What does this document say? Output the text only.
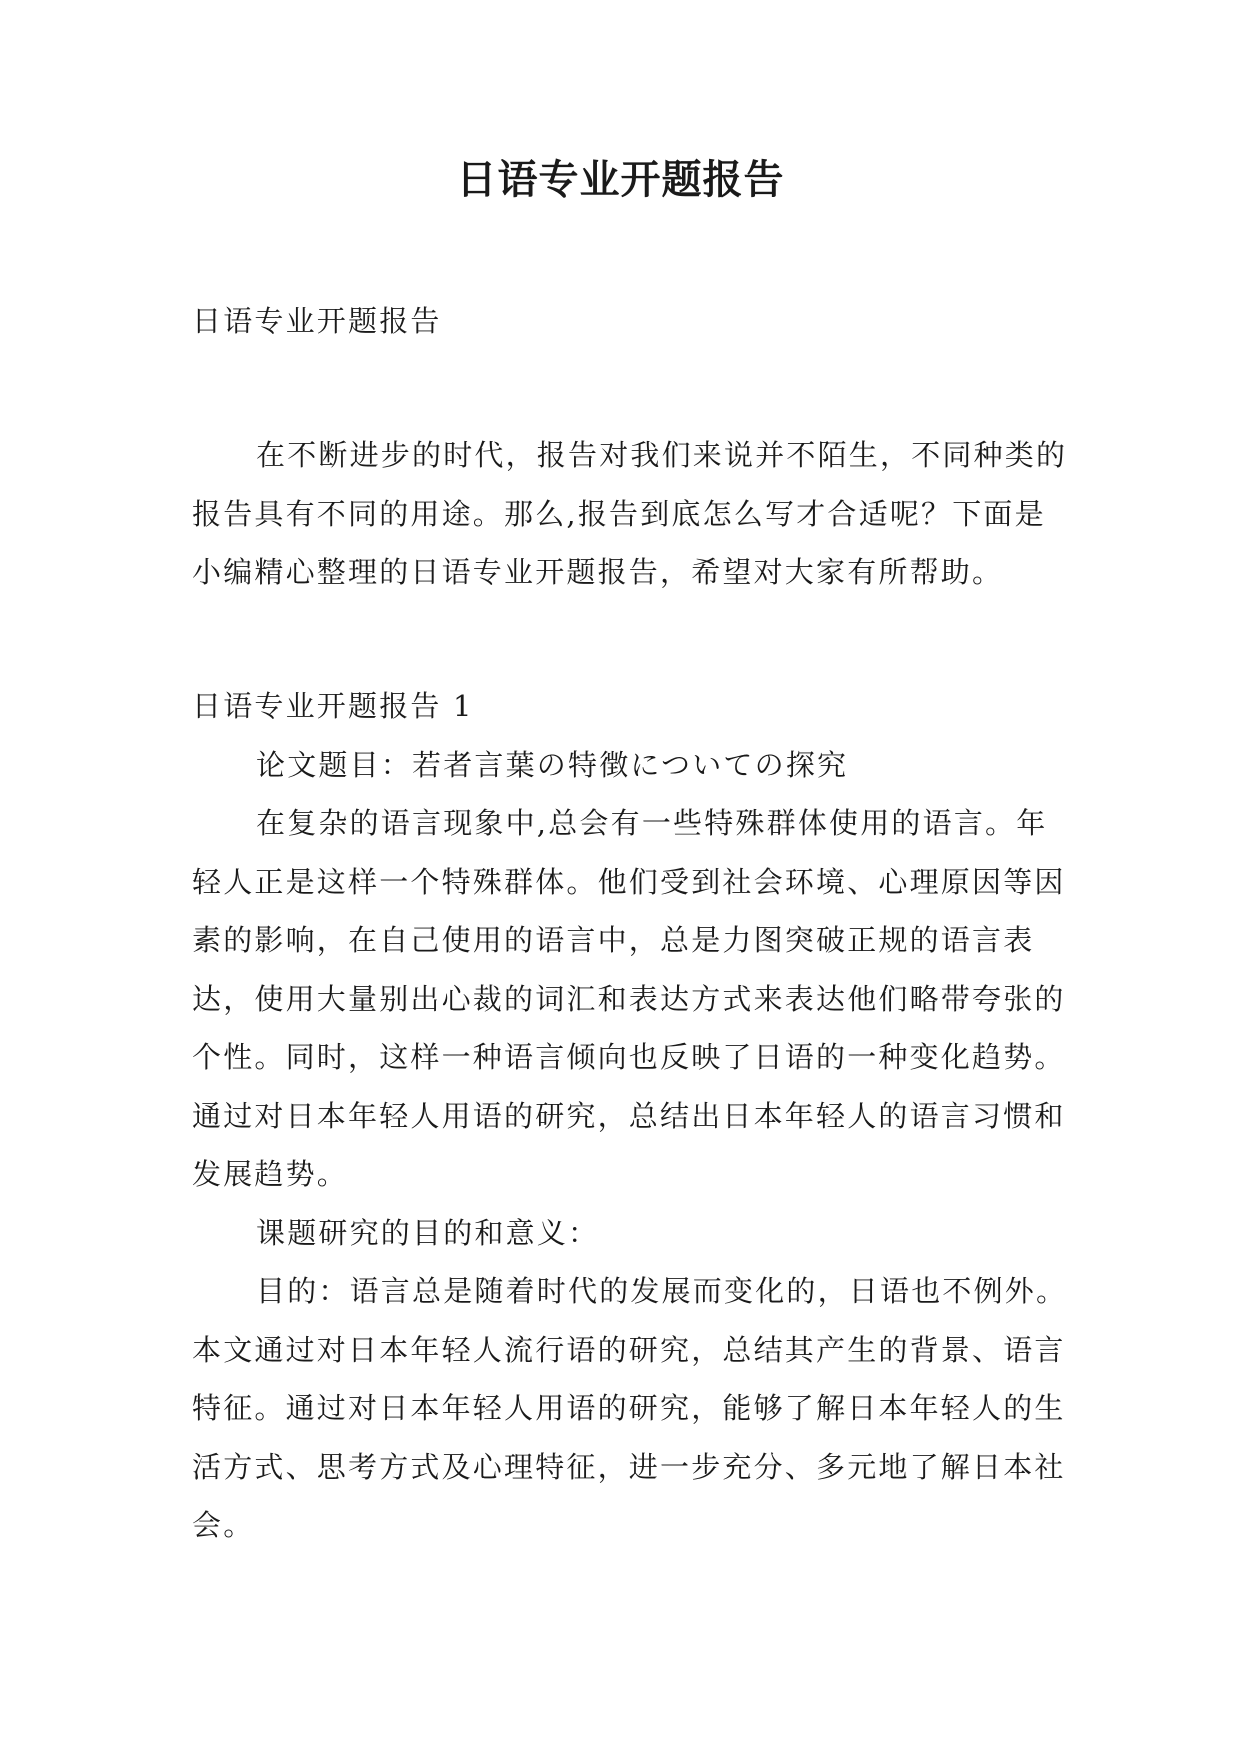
日语专业开题报告

日语专业开题报告

在不断进步的时代，报告对我们来说并不陌生，不同种类的报告具有不同的用途。那么,报告到底怎么写才合适呢？下面是小编精心整理的日语专业开题报告，希望对大家有所帮助。

日语专业开题报告 1

论文题目：若者言葉の特徴についての探究

在复杂的语言现象中,总会有一些特殊群体使用的语言。年轻人正是这样一个特殊群体。他们受到社会环境、心理原因等因素的影响，在自己使用的语言中，总是力图突破正规的语言表达，使用大量别出心裁的词汇和表达方式来表达他们略带夸张的个性。同时，这样一种语言倾向也反映了日语的一种变化趋势。通过对日本年轻人用语的研究，总结出日本年轻人的语言习惯和发展趋势。

课题研究的目的和意义：

目的：语言总是随着时代的发展而变化的，日语也不例外。本文通过对日本年轻人流行语的研究，总结其产生的背景、语言特征。通过对日本年轻人用语的研究，能够了解日本年轻人的生活方式、思考方式及心理特征，进一步充分、多元地了解日本社会。
